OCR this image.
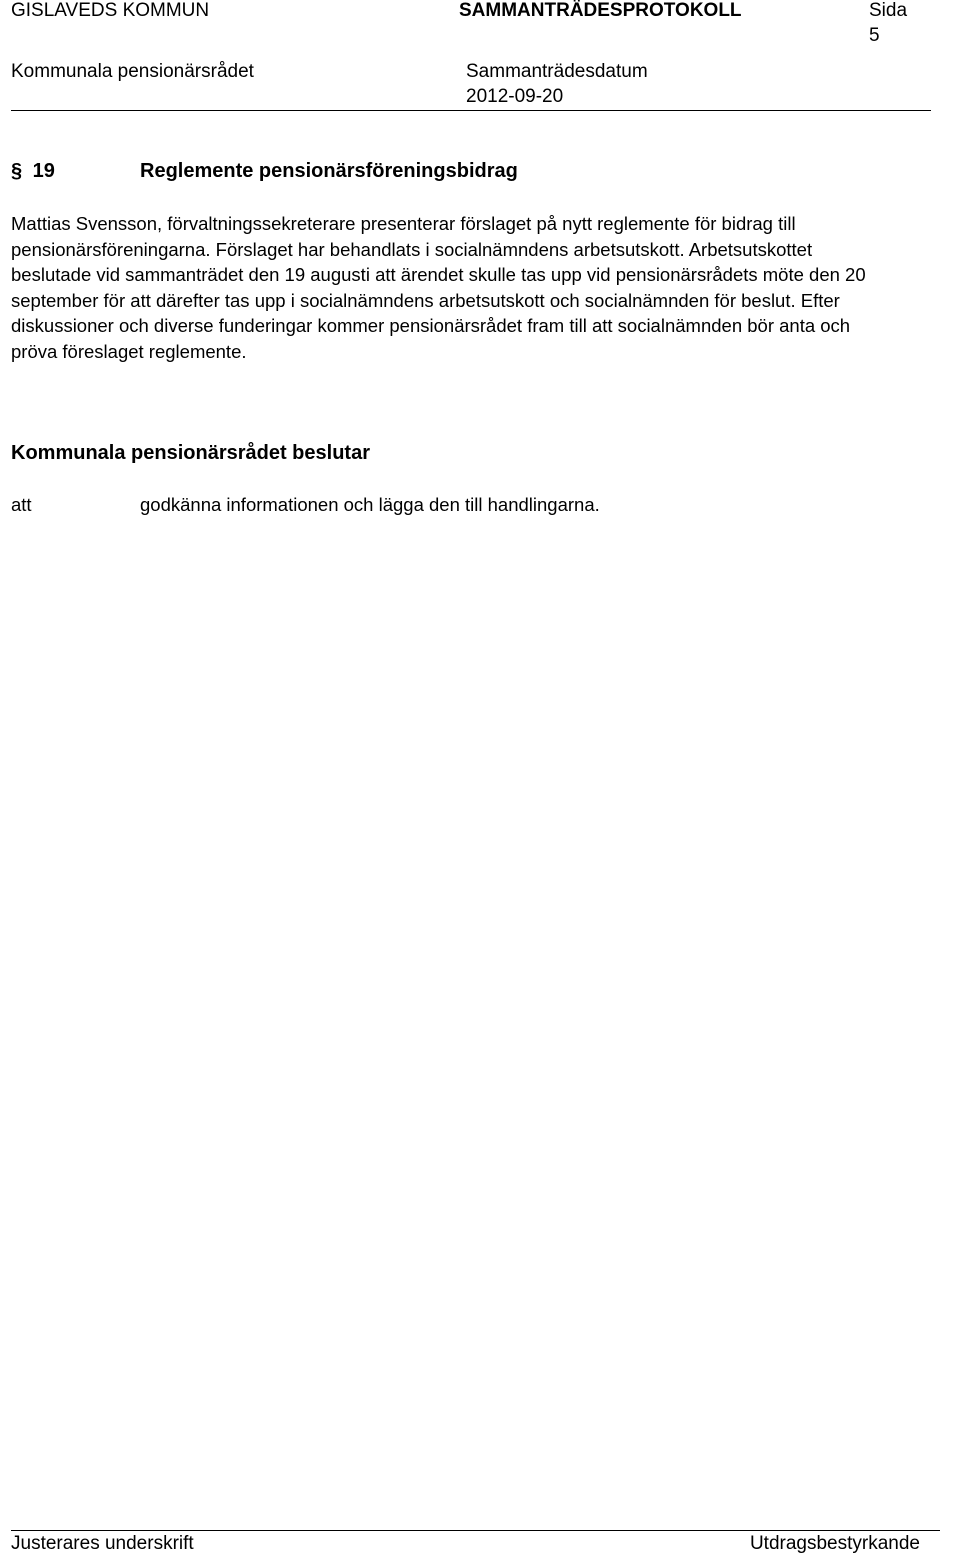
GISLAVEDS KOMMUN	SAMMANTRÄDESPROTOKOLL	Sida
5
Kommunala pensionärsrådet	Sammanträdesdatum
2012-09-20
§ 19	Reglemente pensionärsföreningsbidrag
Mattias Svensson, förvaltningssekreterare presenterar förslaget på nytt reglemente för bidrag till
pensionärsföreningarna. Förslaget har behandlats i socialnämndens arbetsutskott. Arbetsutskottet
beslutade vid sammanträdet den 19 augusti att ärendet skulle tas upp vid pensionärsrådets möte den 20
september för att därefter tas upp i socialnämndens arbetsutskott och socialnämnden för beslut. Efter
diskussioner och diverse funderingar kommer pensionärsrådet fram till att socialnämnden bör anta och
pröva föreslaget reglemente.
Kommunala pensionärsrådet beslutar
att	godkänna informationen och lägga den till handlingarna.
Justerares underskrift	Utdragsbestyrkande
